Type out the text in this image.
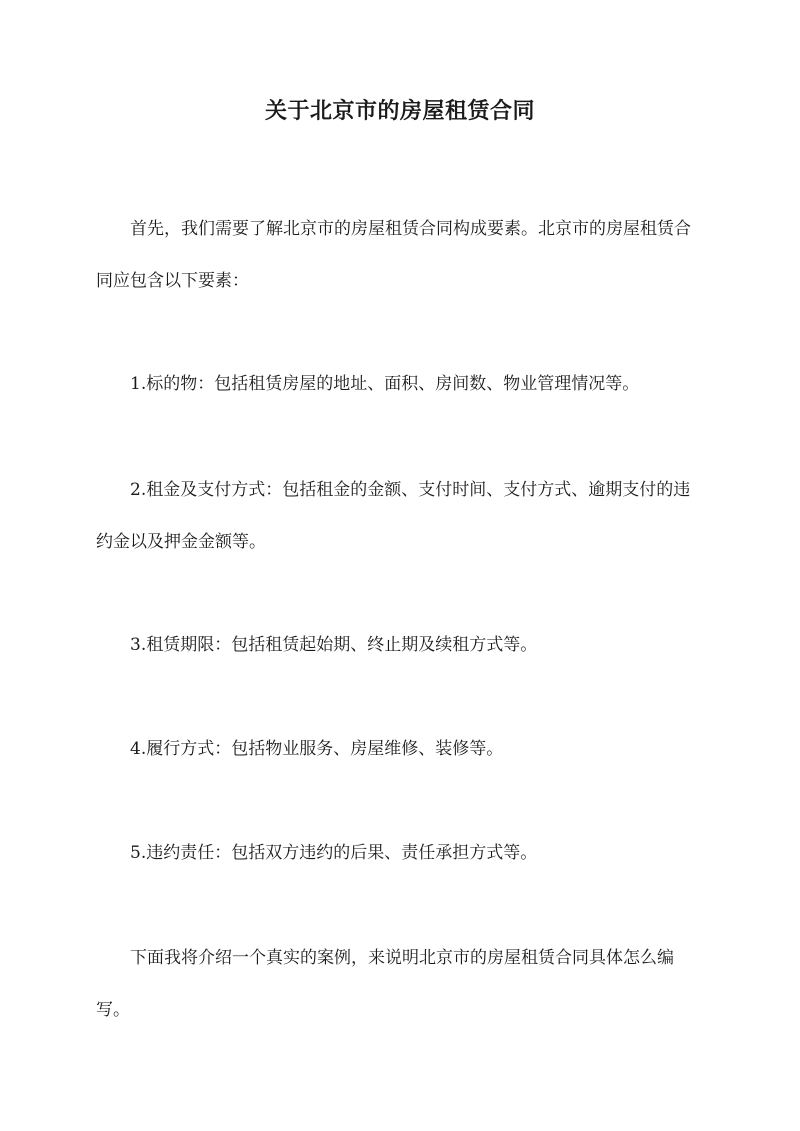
关于北京市的房屋租赁合同

首先，我们需要了解北京市的房屋租赁合同构成要素。北京市的房屋租赁合同应包含以下要素：

1.标的物：包括租赁房屋的地址、面积、房间数、物业管理情况等。

2.租金及支付方式：包括租金的金额、支付时间、支付方式、逾期支付的违约金以及押金金额等。

3.租赁期限：包括租赁起始期、终止期及续租方式等。

4.履行方式：包括物业服务、房屋维修、装修等。

5.违约责任：包括双方违约的后果、责任承担方式等。

下面我将介绍一个真实的案例，来说明北京市的房屋租赁合同具体怎么编写。
